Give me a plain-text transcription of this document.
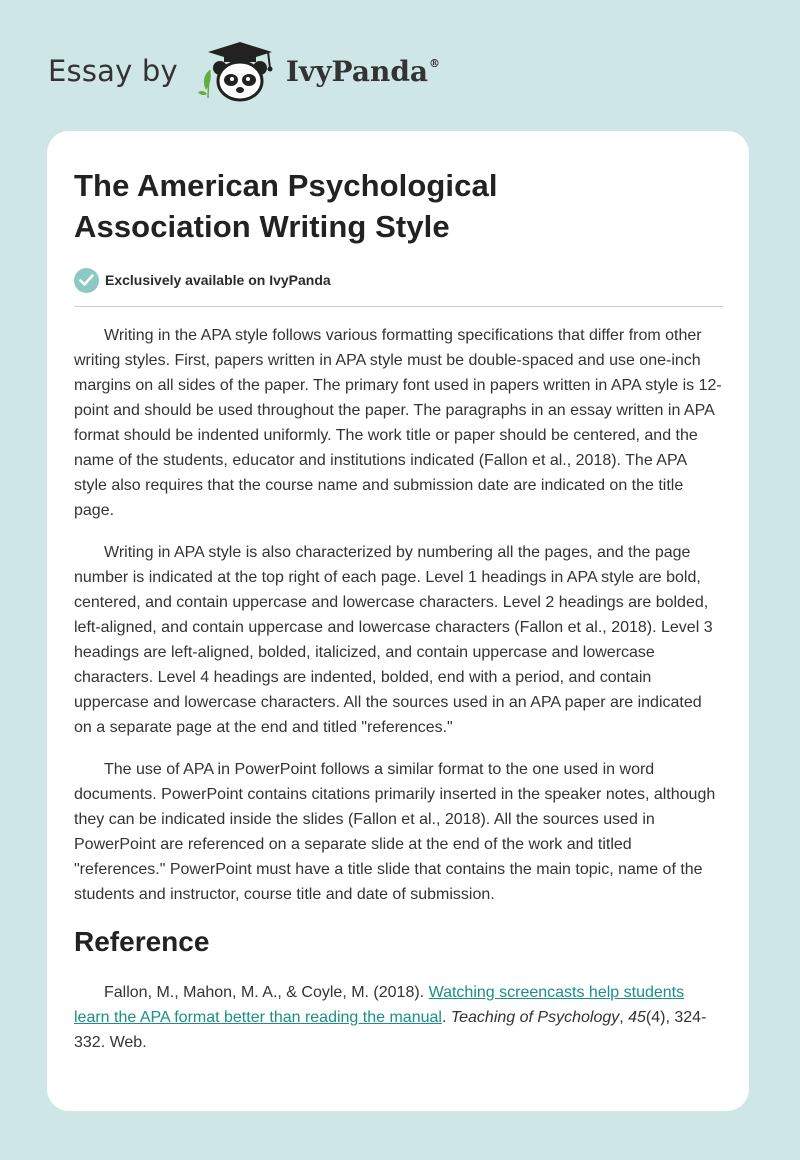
Essay by	IvyPanda®
The American Psychological
Association Writing Style
Exclusively available on IvyPanda

Writing in the APA style follows various formatting specifications that differ from other writing styles. First, papers written in APA style must be double-spaced and use one-inch margins on all sides of the paper. The primary font used in papers written in APA style is 12-point and should be used throughout the paper. The paragraphs in an essay written in APA format should be indented uniformly. The work title or paper should be centered, and the name of the students, educator and institutions indicated (Fallon et al., 2018). The APA style also requires that the course name and submission date are indicated on the title page.

Writing in APA style is also characterized by numbering all the pages, and the page number is indicated at the top right of each page. Level 1 headings in APA style are bold, centered, and contain uppercase and lowercase characters. Level 2 headings are bolded, left-aligned, and contain uppercase and lowercase characters (Fallon et al., 2018). Level 3 headings are left-aligned, bolded, italicized, and contain uppercase and lowercase characters. Level 4 headings are indented, bolded, end with a period, and contain uppercase and lowercase characters. All the sources used in an APA paper are indicated on a separate page at the end and titled "references."

The use of APA in PowerPoint follows a similar format to the one used in word documents. PowerPoint contains citations primarily inserted in the speaker notes, although they can be indicated inside the slides (Fallon et al., 2018). All the sources used in PowerPoint are referenced on a separate slide at the end of the work and titled "references." PowerPoint must have a title slide that contains the main topic, name of the students and instructor, course title and date of submission.

Reference

Fallon, M., Mahon, M. A., & Coyle, M. (2018). Watching screencasts help students learn the APA format better than reading the manual. Teaching of Psychology, 45(4), 324-332. Web.
